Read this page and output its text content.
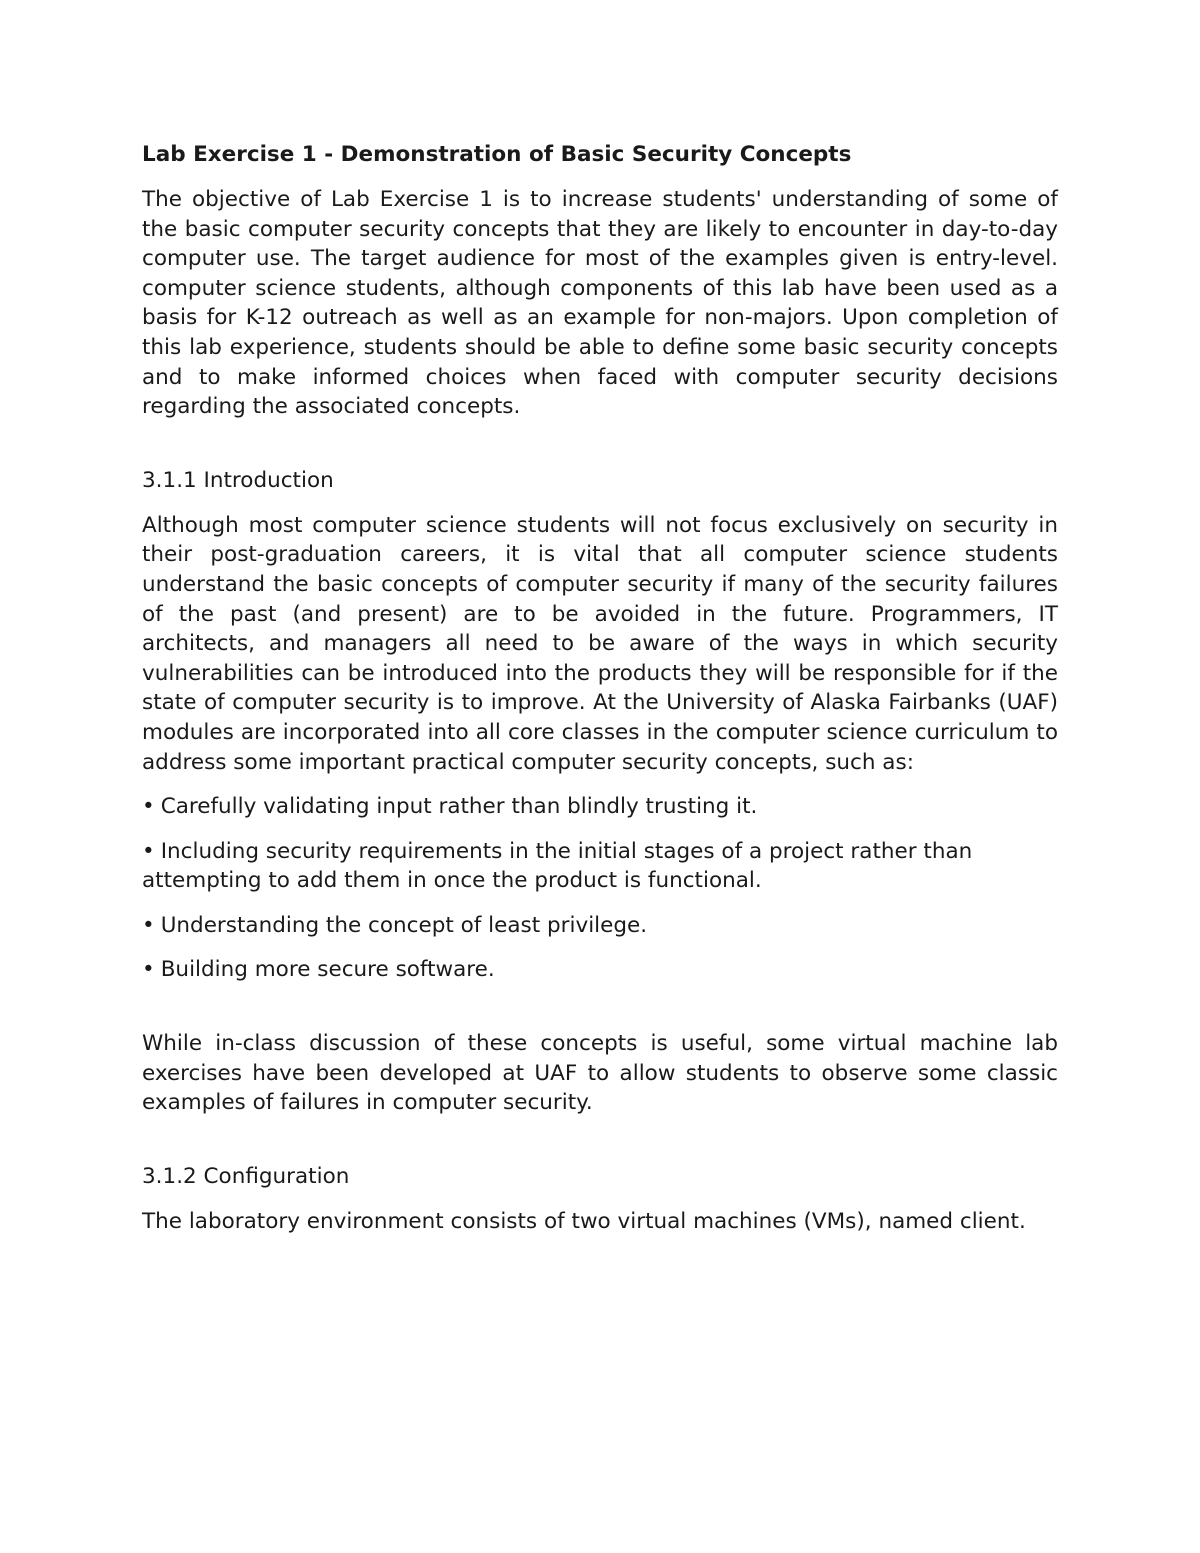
Lab Exercise 1 - Demonstration of Basic Security Concepts

The objective of Lab Exercise 1 is to increase students' understanding of some of the basic computer security concepts that they are likely to encounter in day-to-day computer use. The target audience for most of the examples given is entry-level. computer science students, although components of this lab have been used as a basis for K-12 outreach as well as an example for non-majors. Upon completion of this lab experience, students should be able to define some basic security concepts and to make informed choices when faced with computer security decisions regarding the associated concepts.

3.1.1 Introduction

Although most computer science students will not focus exclusively on security in their post-graduation careers, it is vital that all computer science students understand the basic concepts of computer security if many of the security failures of the past (and present) are to be avoided in the future. Programmers, IT architects, and managers all need to be aware of the ways in which security vulnerabilities can be introduced into the products they will be responsible for if the state of computer security is to improve. At the University of Alaska Fairbanks (UAF) modules are incorporated into all core classes in the computer science curriculum to address some important practical computer security concepts, such as:

• Carefully validating input rather than blindly trusting it.
• Including security requirements in the initial stages of a project rather than attempting to add them in once the product is functional.
• Understanding the concept of least privilege.
• Building more secure software.

While in-class discussion of these concepts is useful, some virtual machine lab exercises have been developed at UAF to allow students to observe some classic examples of failures in computer security.

3.1.2 Configuration

The laboratory environment consists of two virtual machines (VMs), named client.
